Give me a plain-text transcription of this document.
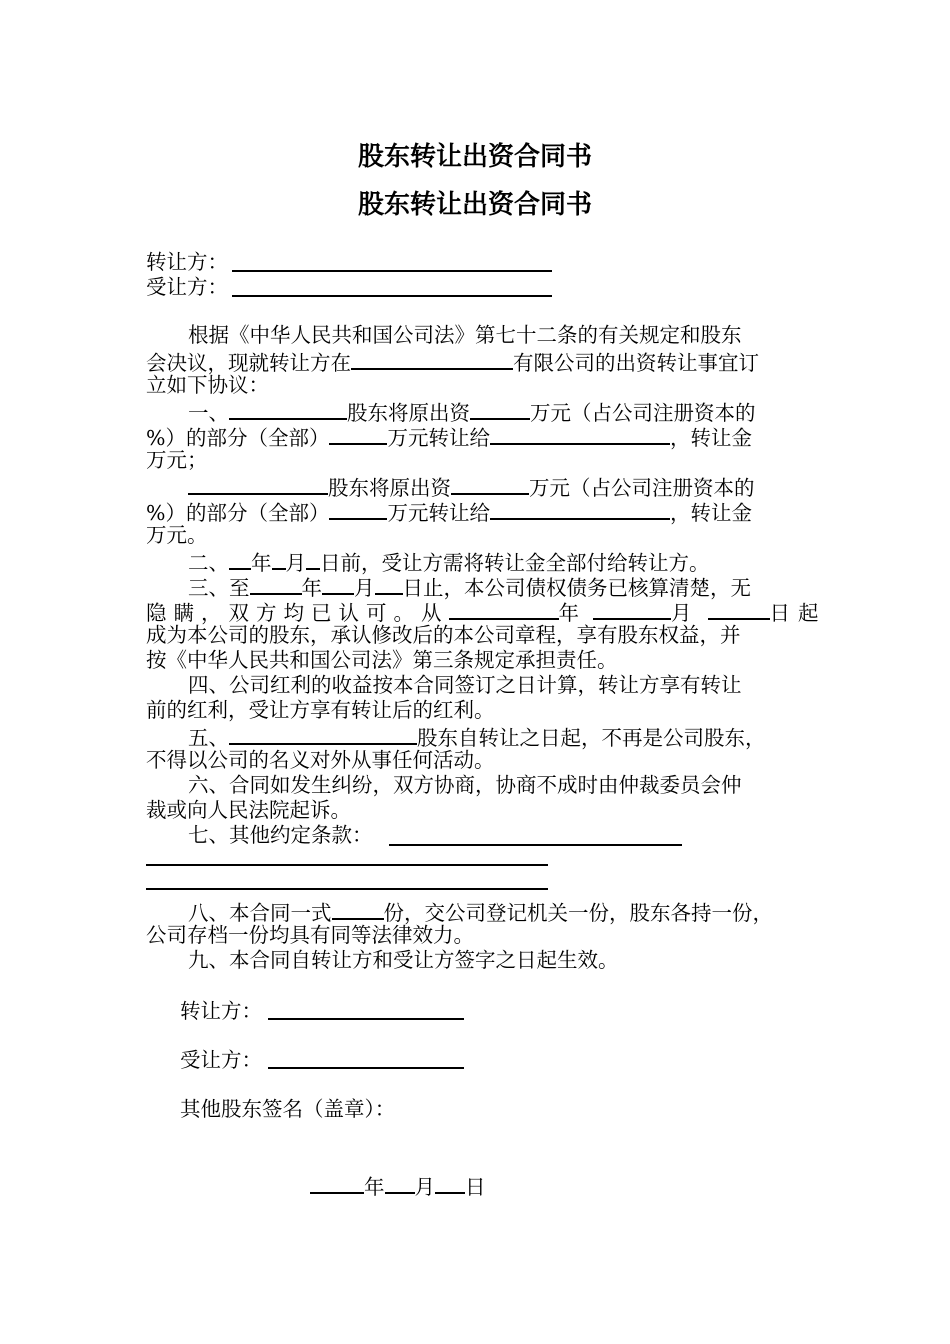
股东转让出资合同书
股东转让出资合同书
转让方：
受让方：
根据《中华人民共和国公司法》第七十二条的有关规定和股东
会决议，现就转让方在	有限公司的出资转让事宜订
立如下协议：
一、	股东将原出资	万元（占公司注册资本的
%）的部分（全部）	万元转让给	，转让金
万元；
股东将原出资	万元（占公司注册资本的
%）的部分（全部）	万元转让给	，转让金
万元。
二、 年 月 日前，受让方需将转让金全部付给转让方。
三、至	年 月 日止，本公司债权债务已核算清楚，无
隐瞒，双方均已认可。从	年	月	日起
成为本公司的股东，承认修改后的本公司章程，享有股东权益，并
按《中华人民共和国公司法》第三条规定承担责任。
四、公司红利的收益按本合同签订之日计算，转让方享有转让
前的红利，受让方享有转让后的红利。
五、	股东自转让之日起，不再是公司股东，
不得以公司的名义对外从事任何活动。
六、合同如发生纠纷，双方协商，协商不成时由仲裁委员会仲
裁或向人民法院起诉。
七、其他约定条款：
八、本合同一式	份，交公司登记机关一份，股东各持一份，
公司存档一份均具有同等法律效力。
九、本合同自转让方和受让方签字之日起生效。
转让方：
受让方：
其他股东签名（盖章）：
年 月 日
